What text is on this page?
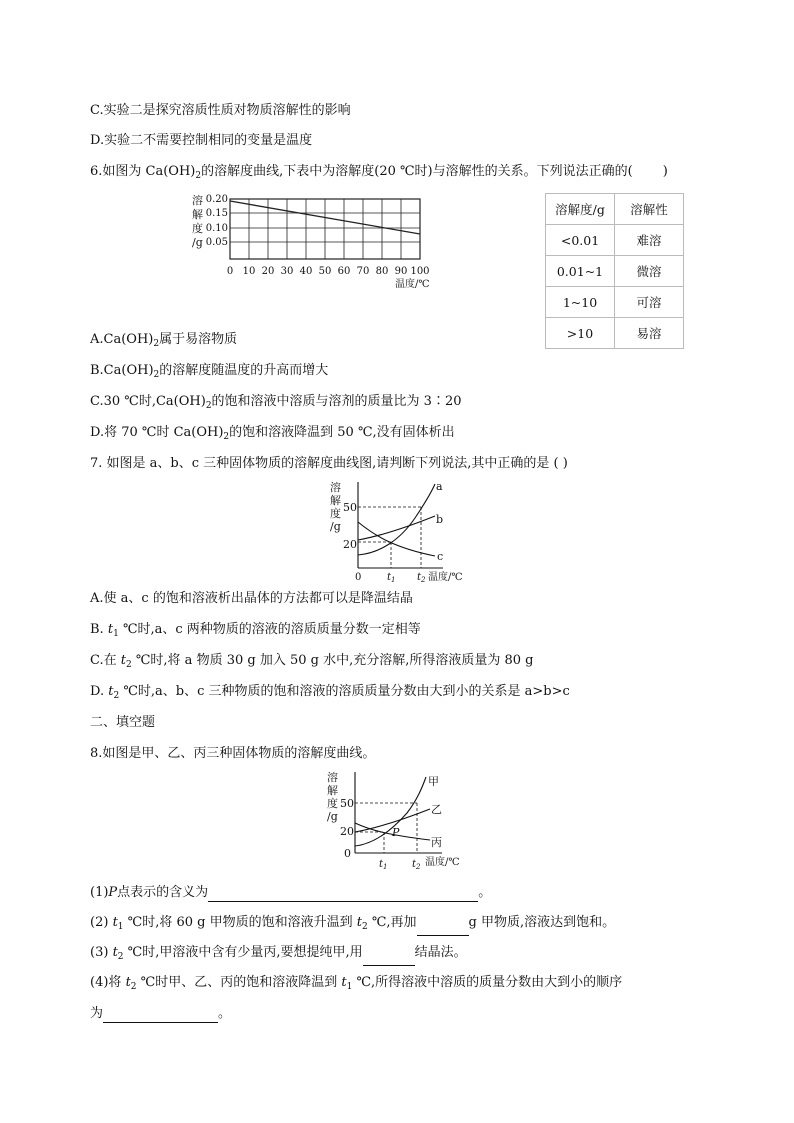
C.实验二是探究溶质性质对物质溶解性的影响
D.实验二不需要控制相同的变量是温度
6.如图为 $Ca(OH)_2$的溶解度曲线,下表中为溶解度(20 ℃时)与溶解性的关系。下列说法正确的( )
溶
解
度
/g
0.20
0.15
0.10
0.05
0 10 20 30 40 50 60 70 80 90 100
温度/℃
溶解度/g	溶解性
<0.01	难溶
0.01~1	微溶
1~10	可溶
>10	易溶
$A.Ca(OH)_2$属于易溶物质
$B.Ca(OH)_2$的溶解度随温度的升高而增大
C.30 ℃时$,Ca(OH)_2$的饱和溶液中溶质与溶剂的质量比为 3∶20
D.将 70 ℃时 $Ca(OH)_2$的饱和溶液降温到 50 ℃,没有固体析出
7. 如图是 a、b、c 三种固体物质的溶解度曲线图,请判断下列说法,其中正确的是 ( )
溶
解
度
/g
50
20
0
a
b
c
$t_1$ $t_2$ 温度/℃
A.使 a、c 的饱和溶液析出晶体的方法都可以是降温结晶
B. $t_1$ ℃时,a、c 两种物质的溶液的溶质质量分数一定相等
C.在 $t_2$ ℃时,将 a 物质 30 g 加入 50 g 水中,充分溶解,所得溶液质量为 80 g
D. $t_2$ ℃时,a、b、c 三种物质的饱和溶液的溶质质量分数由大到小的关系是 a>b>c
二、填空题
8.如图是甲、乙、丙三种固体物质的溶解度曲线。
溶
解
度
/g
50
20
0
甲
乙
丙
P
$t_1$ $t_2$ 温度/℃
(1)P点表示的含义为	。
(2) $t_1$ ℃时,将 60 g 甲物质的饱和溶液升温到 $t_2$ ℃,再加	g 甲物质,溶液达到饱和。
(3) $t_2$ ℃时,甲溶液中含有少量丙,要想提纯甲,用	结晶法。
(4)将 $t_2$ ℃时甲、乙、丙的饱和溶液降温到 $t_1$ ℃,所得溶液中溶质的质量分数由大到小的顺序
为	。
